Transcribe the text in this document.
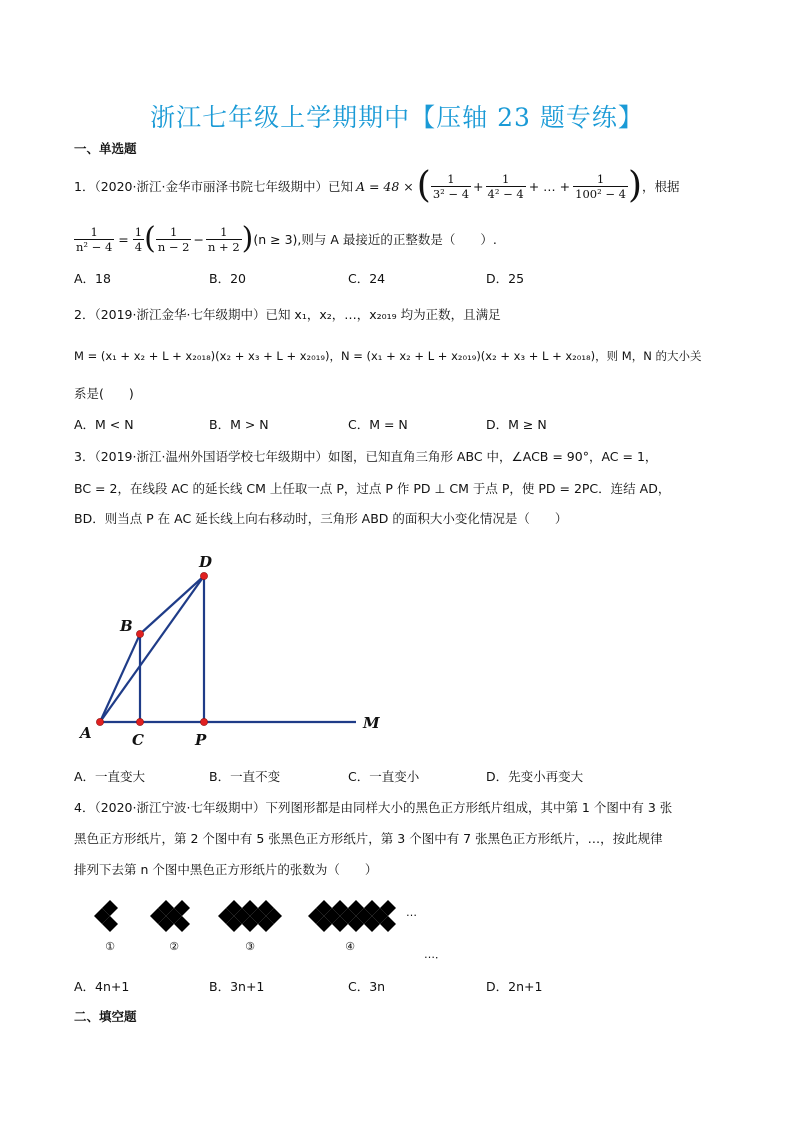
浙江七年级上学期期中【压轴 23 题专练】
一、单选题
1．（2020·浙江·金华市丽泽书院七年级期中）已知 A = 48 × ( $\frac{1}{\text{3² − 4}} + \frac{1}{\text{4² − 4}}$ + … + $\frac{1}{\text{100² − 4}}$ ) ，根据
$\frac{1}{\text{n² − 4}} = \frac{1}{4}$ ( $\frac{1}{n - 2} - \frac{1}{n + 2}$ ) (n ≥ 3) ,则与 A 最接近的正整数是（　　）.
A．18	B．20	C．24	D．25
2．（2019·浙江金华·七年级期中）已知 x₁，x₂，…，x₂₀₁₉ 均为正数，且满足
M = (x₁ + x₂ + L + x₂₀₁₈)(x₂ + x₃ + L + x₂₀₁₉)，N = (x₁ + x₂ + L + x₂₀₁₉)(x₂ + x₃ + L + x₂₀₁₈)，则 M，N 的大小关
系是(　　)
A．M < N	B．M > N	C．M = N	D．M ≥ N
3．（2019·浙江·温州外国语学校七年级期中）如图，已知直角三角形 ABC 中，∠ACB = 90°，AC = 1，
BC = 2，在线段 AC 的延长线 CM 上任取一点 P，过点 P 作 PD ⊥ CM 于点 P，使 PD = 2PC．连结 AD，
BD．则当点 P 在 AC 延长线上向右移动时，三角形 ABD 的面积大小变化情况是（　　）
A	C	P
M
B
D
A．一直变大	B．一直不变	C．一直变小	D．先变小再变大
4．（2020·浙江宁波·七年级期中）下列图形都是由同样大小的黑色正方形纸片组成，其中第 1 个图中有 3 张
黑色正方形纸片，第 2 个图中有 5 张黑色正方形纸片，第 3 个图中有 7 张黑色正方形纸片，…，按此规律
排列下去第 n 个图中黑色正方形纸片的张数为（　　）
①	②	③	④
…
…．
A．4n+1	B．3n+1	C．3n	D．2n+1
二、填空题
